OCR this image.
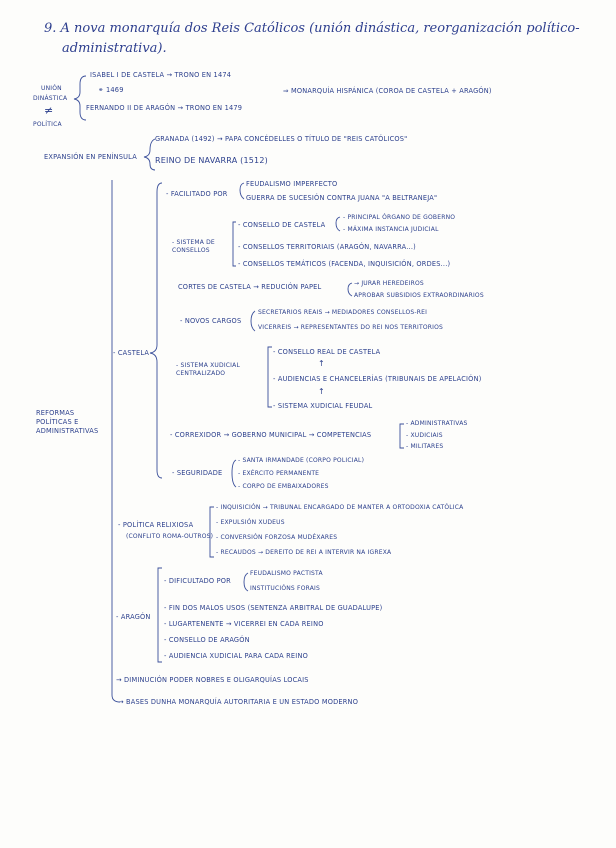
9. A nova monarquía dos Reis Católicos (unión dinástica, reorganización político-
administrativa).
UNIÓN
DINÁSTICA
≠
POLÍTICA
ISABEL I DE CASTELA → TRONO EN 1474
⚭ 1469
FERNANDO II DE ARAGÓN → TRONO EN 1479
⇒ MONARQUÍA HISPÁNICA (COROA DE CASTELA + ARAGÓN)
EXPANSIÓN EN PENÍNSULA
GRANADA (1492) → PAPA CONCÉDELLES O TÍTULO DE "REIS CATÓLICOS"
REINO DE NAVARRA (1512)
REFORMAS POLÍTICAS E ADMINISTRATIVAS
- CASTELA
- FACILITADO POR
FEUDALISMO IMPERFECTO
GUERRA DE SUCESIÓN CONTRA JUANA "A BELTRANEJA"
- SISTEMA DE CONSELLOS
- CONSELLO DE CASTELA
- PRINCIPAL ÓRGANO DE GOBERNO
- MÁXIMA INSTANCIA JUDICIAL
- CONSELLOS TERRITORIAIS (ARAGÓN, NAVARRA...)
- CONSELLOS TEMÁTICOS (FACENDA, INQUISICIÓN, ORDES...)
CORTES DE CASTELA → REDUCIÓN PAPEL	→ JURAR HEREDEIROS
APROBAR SUBSIDIOS EXTRAORDINARIOS
- NOVOS CARGOS
SECRETARIOS REAIS → MEDIADORES CONSELLOS-REI
VICERREIS → REPRESENTANTES DO REI NOS TERRITORIOS
- SISTEMA XUDICIAL CENTRALIZADO
- CONSELLO REAL DE CASTELA
↑
- AUDIENCIAS E CHANCELERÍAS (TRIBUNAIS DE APELACIÓN)
↑
- SISTEMA XUDICIAL FEUDAL
- CORREXIDOR → GOBERNO MUNICIPAL → COMPETENCIAS
- ADMINISTRATIVAS
- XUDICIAIS
- MILITARES
- SEGURIDADE
- SANTA IRMANDADE (CORPO POLICIAL)
- EXÉRCITO PERMANENTE
- CORPO DE EMBAIXADORES
- POLÍTICA RELIXIOSA
(CONFLITO ROMA-OUTROS)
- INQUISICIÓN → TRIBUNAL ENCARGADO DE MANTER A ORTODOXIA CATÓLICA
- EXPULSIÓN XUDEUS
- CONVERSIÓN FORZOSA MUDÉXARES
- RECAUDOS → DEREITO DE REI A INTERVIR NA IGREXA
- ARAGÓN
- DIFICULTADO POR
FEUDALISMO PACTISTA
INSTITUCIÓNS FORAIS
- FIN DOS MALOS USOS (SENTENZA ARBITRAL DE GUADALUPE)
- LUGARTENENTE → VICERREI EN CADA REINO
- CONSELLO DE ARAGÓN
- AUDIENCIA XUDICIAL PARA CADA REINO
→ DIMINUCIÓN PODER NOBRES E OLIGARQUÍAS LOCAIS
→ BASES DUNHA MONARQUÍA AUTORITARIA E UN ESTADO MODERNO
